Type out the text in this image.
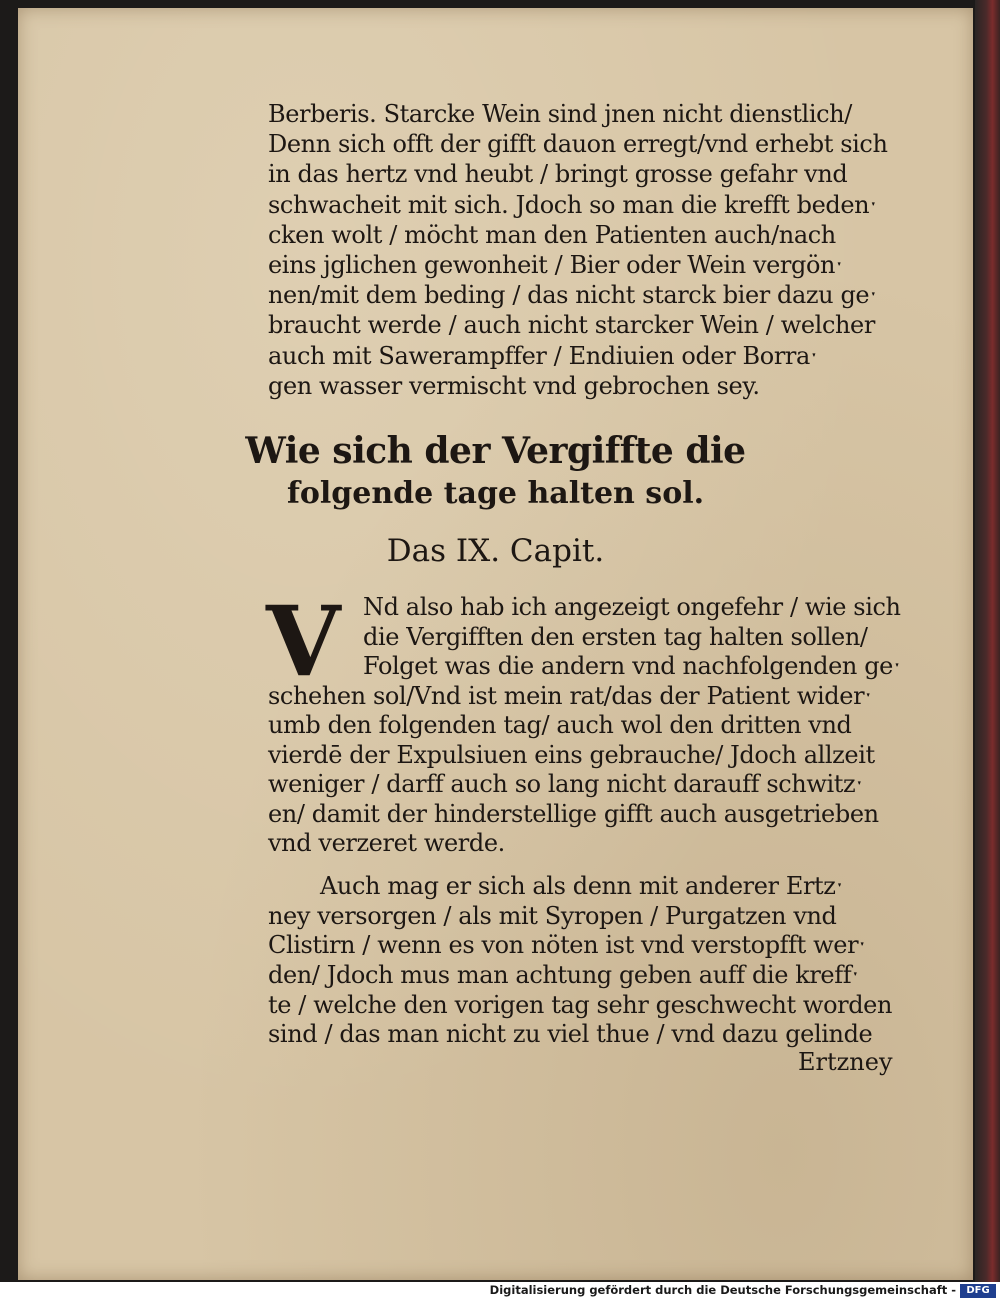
Berberis. Starcke Wein sind jnen nicht dienstlich/
Denn sich offt der gifft dauon erregt/vnd erhebt sich
in das hertz vnd heubt / bringt grosse gefahr vnd
schwacheit mit sich. Jdoch so man die krefft bedenˑ
cken wolt / möcht man den Patienten auch/nach
eins jglichen gewonheit / Bier oder Wein vergönˑ
nen/mit dem beding / das nicht starck bier dazu geˑ
braucht werde / auch nicht starcker Wein / welcher
auch mit Sawerampffer / Endiuien oder Borraˑ
gen wasser vermischt vnd gebrochen sey.
Wie sich der Vergiffte die
folgende tage halten sol.
Das IX. Capit.
V Nd also hab ich angezeigt ongefehr / wie sich
die Vergifften den ersten tag halten sollen/
Folget was die andern vnd nachfolgenden geˑ
schehen sol/Vnd ist mein rat/das der Patient widerˑ
umb den folgenden tag/ auch wol den dritten vnd
vierdē der Expulsiuen eins gebrauche/ Jdoch allzeit
weniger / darff auch so lang nicht darauff schwitzˑ
en/ damit der hinderstellige gifft auch ausgetrieben
vnd verzeret werde.
Auch mag er sich als denn mit anderer Ertzˑ
ney versorgen / als mit Syropen / Purgatzen vnd
Clistirn / wenn es von nöten ist vnd verstopfft werˑ
den/ Jdoch mus man achtung geben auff die kreffˑ
te / welche den vorigen tag sehr geschwecht worden
sind / das man nicht zu viel thue / vnd dazu gelinde
Ertzney
Digitalisierung gefördert durch die Deutsche Forschungsgemeinschaft -	DFG
